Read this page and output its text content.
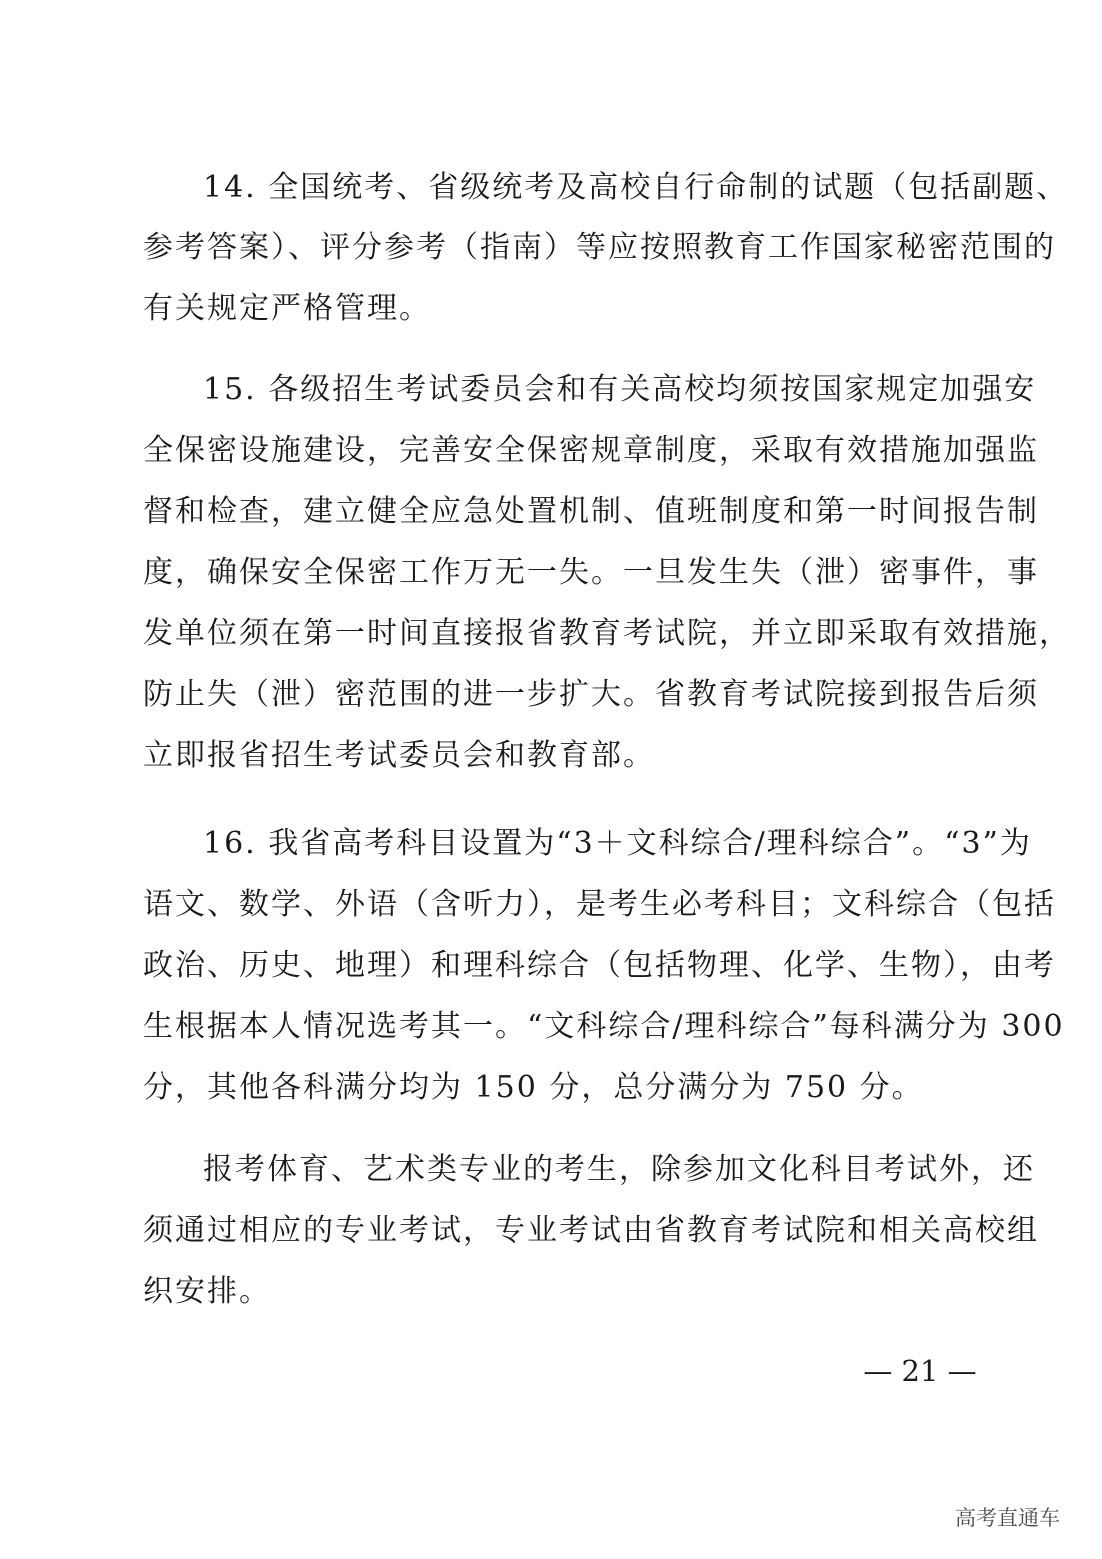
14. 全国统考、省级统考及高校自行命制的试题（包括副题、
参考答案）、评分参考（指南）等应按照教育工作国家秘密范围的
有关规定严格管理。
15. 各级招生考试委员会和有关高校均须按国家规定加强安
全保密设施建设，完善安全保密规章制度，采取有效措施加强监
督和检查，建立健全应急处置机制、值班制度和第一时间报告制
度，确保安全保密工作万无一失。一旦发生失（泄）密事件，事
发单位须在第一时间直接报省教育考试院，并立即采取有效措施，
防止失（泄）密范围的进一步扩大。省教育考试院接到报告后须
立即报省招生考试委员会和教育部。
16. 我省高考科目设置为“3＋文科综合/理科综合”。“3”为
语文、数学、外语（含听力），是考生必考科目；文科综合（包括
政治、历史、地理）和理科综合（包括物理、化学、生物），由考
生根据本人情况选考其一。“文科综合/理科综合”每科满分为 300
分，其他各科满分均为 150 分，总分满分为 750 分。
报考体育、艺术类专业的考生，除参加文化科目考试外，还
须通过相应的专业考试，专业考试由省教育考试院和相关高校组
织安排。
— 21 —
高考直通车
